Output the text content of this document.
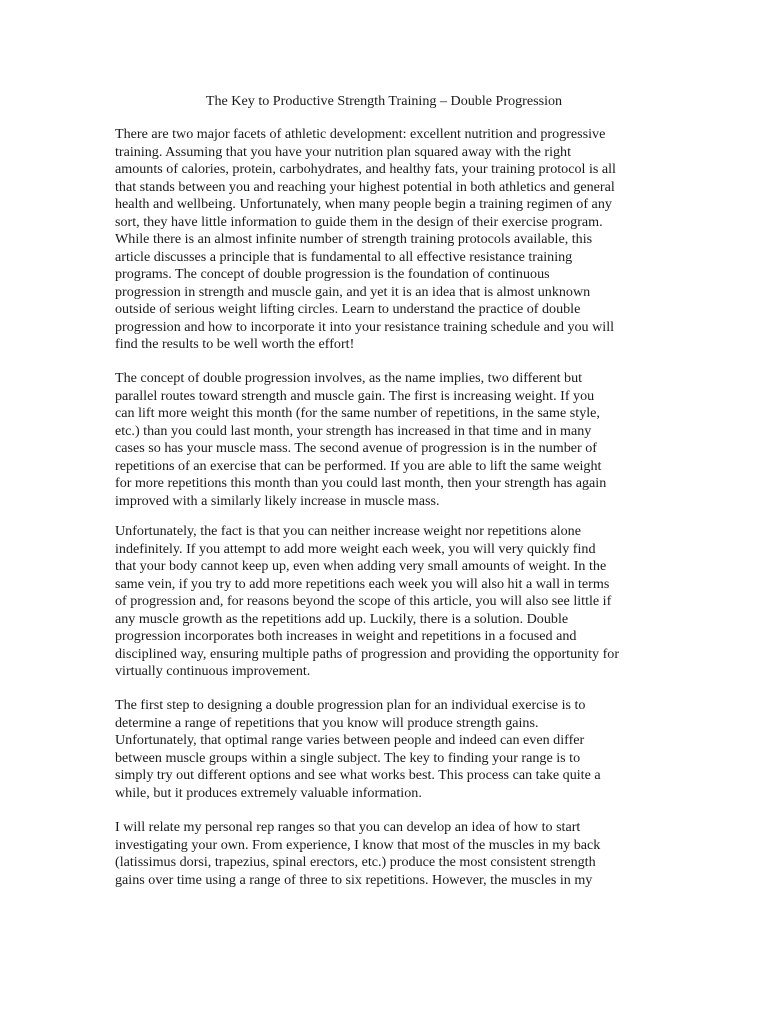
The Key to Productive Strength Training – Double Progression
There are two major facets of athletic development: excellent nutrition and progressive
training. Assuming that you have your nutrition plan squared away with the right
amounts of calories, protein, carbohydrates, and healthy fats, your training protocol is all
that stands between you and reaching your highest potential in both athletics and general
health and wellbeing. Unfortunately, when many people begin a training regimen of any
sort, they have little information to guide them in the design of their exercise program.
While there is an almost infinite number of strength training protocols available, this
article discusses a principle that is fundamental to all effective resistance training
programs. The concept of double progression is the foundation of continuous
progression in strength and muscle gain, and yet it is an idea that is almost unknown
outside of serious weight lifting circles. Learn to understand the practice of double
progression and how to incorporate it into your resistance training schedule and you will
find the results to be well worth the effort!
The concept of double progression involves, as the name implies, two different but
parallel routes toward strength and muscle gain. The first is increasing weight. If you
can lift more weight this month (for the same number of repetitions, in the same style,
etc.) than you could last month, your strength has increased in that time and in many
cases so has your muscle mass. The second avenue of progression is in the number of
repetitions of an exercise that can be performed. If you are able to lift the same weight
for more repetitions this month than you could last month, then your strength has again
improved with a similarly likely increase in muscle mass.
Unfortunately, the fact is that you can neither increase weight nor repetitions alone
indefinitely. If you attempt to add more weight each week, you will very quickly find
that your body cannot keep up, even when adding very small amounts of weight. In the
same vein, if you try to add more repetitions each week you will also hit a wall in terms
of progression and, for reasons beyond the scope of this article, you will also see little if
any muscle growth as the repetitions add up. Luckily, there is a solution. Double
progression incorporates both increases in weight and repetitions in a focused and
disciplined way, ensuring multiple paths of progression and providing the opportunity for
virtually continuous improvement.
The first step to designing a double progression plan for an individual exercise is to
determine a range of repetitions that you know will produce strength gains.
Unfortunately, that optimal range varies between people and indeed can even differ
between muscle groups within a single subject. The key to finding your range is to
simply try out different options and see what works best. This process can take quite a
while, but it produces extremely valuable information.
I will relate my personal rep ranges so that you can develop an idea of how to start
investigating your own. From experience, I know that most of the muscles in my back
(latissimus dorsi, trapezius, spinal erectors, etc.) produce the most consistent strength
gains over time using a range of three to six repetitions. However, the muscles in my
